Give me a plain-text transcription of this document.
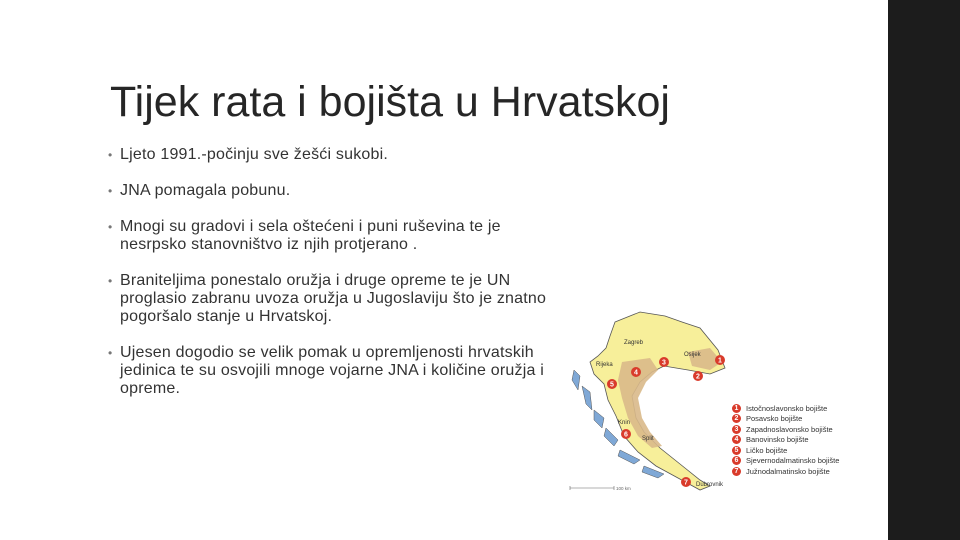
Tijek rata i bojišta u Hrvatskoj
• Ljeto 1991.-počinju sve žešći sukobi.
• JNA pomagala pobunu.
• Mnogi su gradovi i sela oštećeni i puni ruševina te je nesrpsko stanovništvo iz njih protjerano .
• Braniteljima ponestalo oružja i druge opreme te je UN proglasio zabranu uvoza oružja u Jugoslaviju što je znatno pogoršalo stanje u Hrvatskoj.
• Ujesen dogodio se velik pomak u opremljenosti hrvatskih jedinica te su osvojili mnoge vojarne JNA i količine oružja i opreme.
Zagreb
Osijek
Rijeka
Knin
Split
Dubrovnik
1
2
3
4
5
6
7
100 km
1	Istočnoslavonsko bojište
2	Posavsko bojište
3	Zapadnoslavonsko bojište
4	Banovinsko bojište
5	Ličko bojište
6	Sjevernodalmatinsko bojište
7	Južnodalmatinsko bojište
